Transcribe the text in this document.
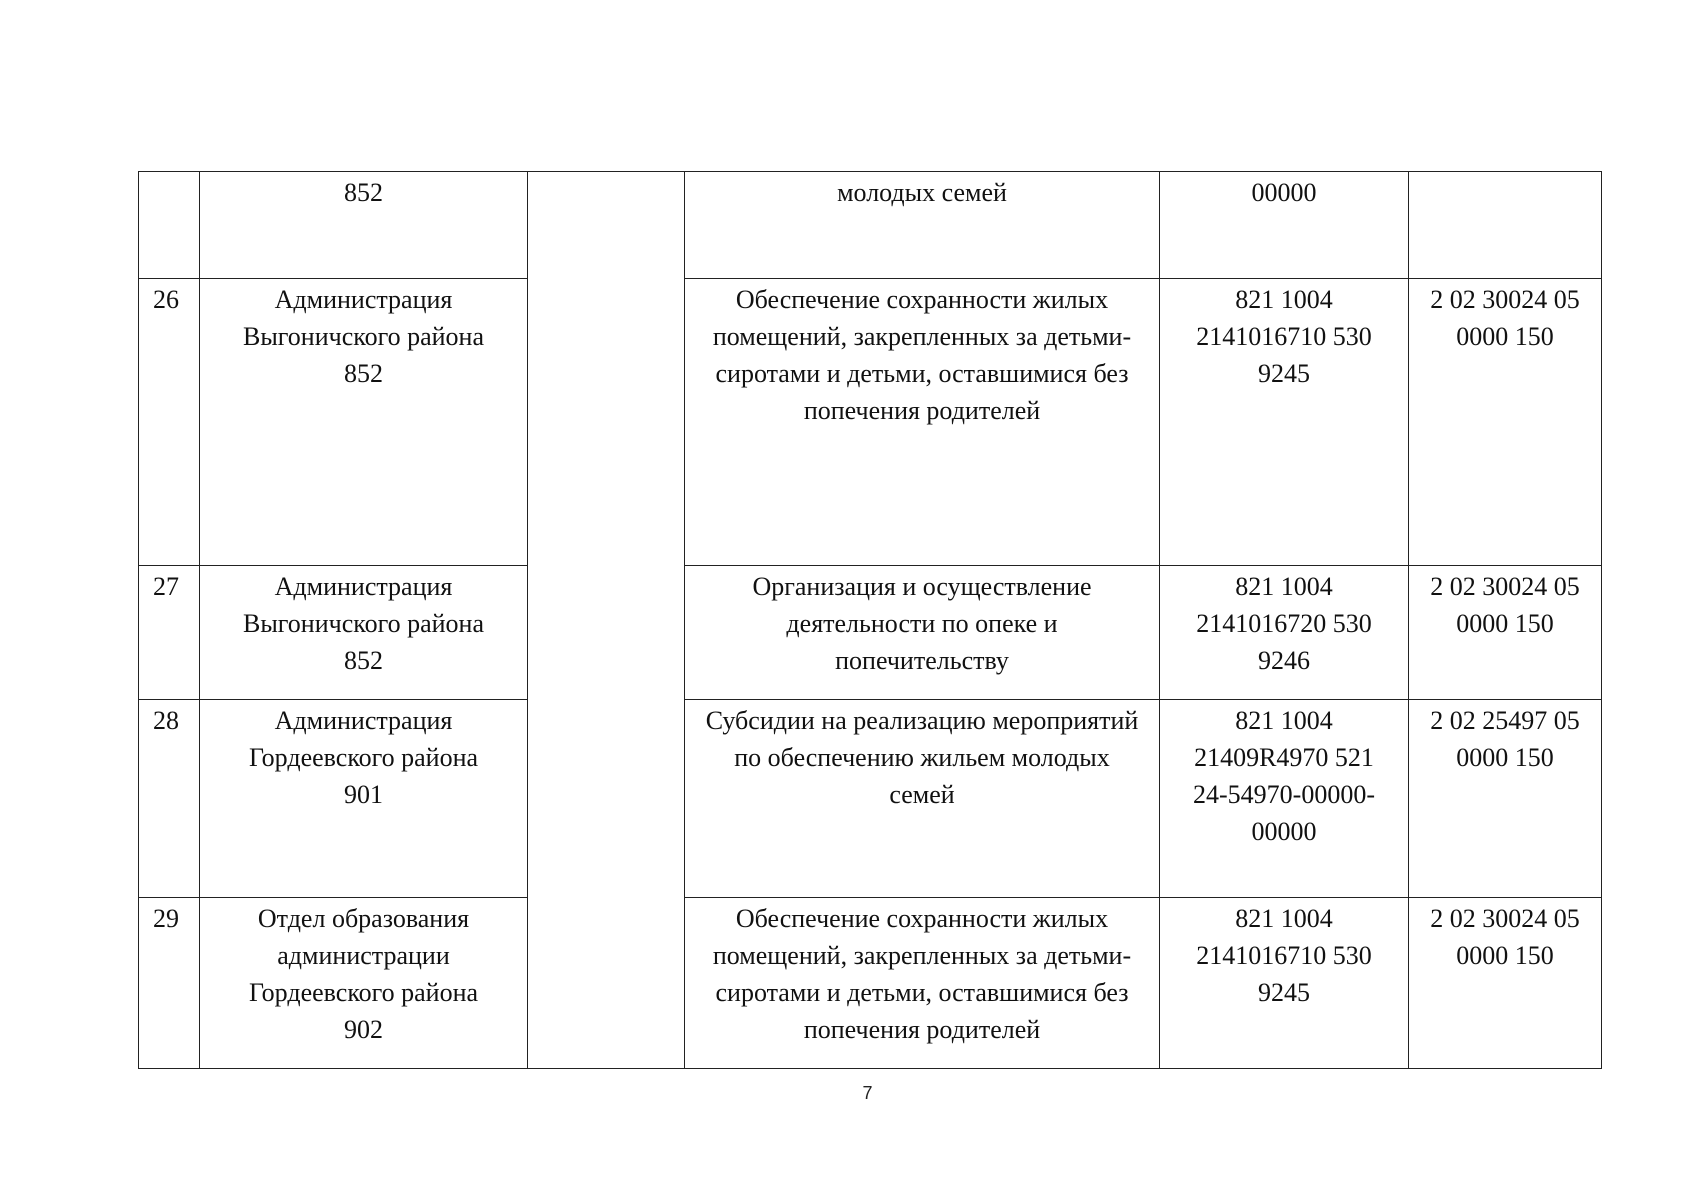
	852		молодых семей	00000	
26	Администрация
Выгоничского района
852		Обеспечение сохранности жилых
помещений, закрепленных за детьми-
сиротами и детьми, оставшимися без
попечения родителей	821 1004
2141016710 530
9245	2 02 30024 05
0000 150
27	Администрация
Выгоничского района
852		Организация и осуществление
деятельности по опеке и
попечительству	821 1004
2141016720 530
9246	2 02 30024 05
0000 150
28	Администрация
Гордеевского района
901		Субсидии на реализацию мероприятий
по обеспечению жильем молодых
семей	821 1004
21409R4970 521
24-54970-00000-
00000	2 02 25497 05
0000 150
29	Отдел образования
администрации
Гордеевского района
902		Обеспечение сохранности жилых
помещений, закрепленных за детьми-
сиротами и детьми, оставшимися без
попечения родителей	821 1004
2141016710 530
9245	2 02 30024 05
0000 150
7
